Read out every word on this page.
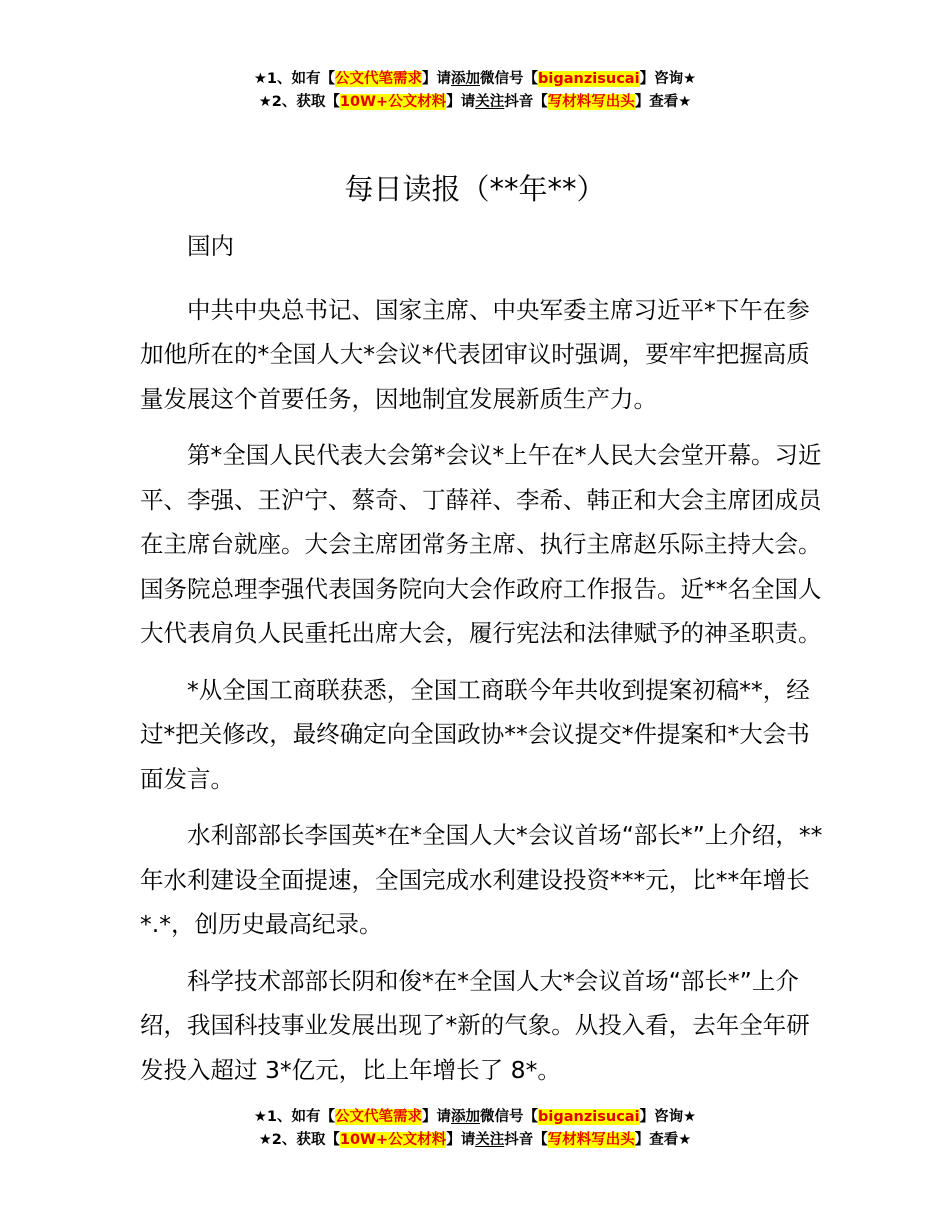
★1、如有【公文代笔需求】请添加微信号【biganzisucai】咨询★
★2、获取【10W+公文材料】请关注抖音【写材料写出头】查看★
每日读报（**年**）

国内

中共中央总书记、国家主席、中央军委主席习近平*下午在参加他所在的*全国人大*会议*代表团审议时强调，要牢牢把握高质量发展这个首要任务，因地制宜发展新质生产力。

第*全国人民代表大会第*会议*上午在*人民大会堂开幕。习近平、李强、王沪宁、蔡奇、丁薛祥、李希、韩正和大会主席团成员在主席台就座。大会主席团常务主席、执行主席赵乐际主持大会。国务院总理李强代表国务院向大会作政府工作报告。近**名全国人大代表肩负人民重托出席大会，履行宪法和法律赋予的神圣职责。

*从全国工商联获悉，全国工商联今年共收到提案初稿**，经过*把关修改，最终确定向全国政协**会议提交*件提案和*大会书面发言。

水利部部长李国英*在*全国人大*会议首场“部长*”上介绍，**年水利建设全面提速，全国完成水利建设投资***元，比**年增长*.*，创历史最高纪录。

科学技术部部长阴和俊*在*全国人大*会议首场“部长*”上介绍，我国科技事业发展出现了*新的气象。从投入看，去年全年研发投入超过 3*亿元，比上年增长了 8*。

★1、如有【公文代笔需求】请添加微信号【biganzisucai】咨询★
★2、获取【10W+公文材料】请关注抖音【写材料写出头】查看★
